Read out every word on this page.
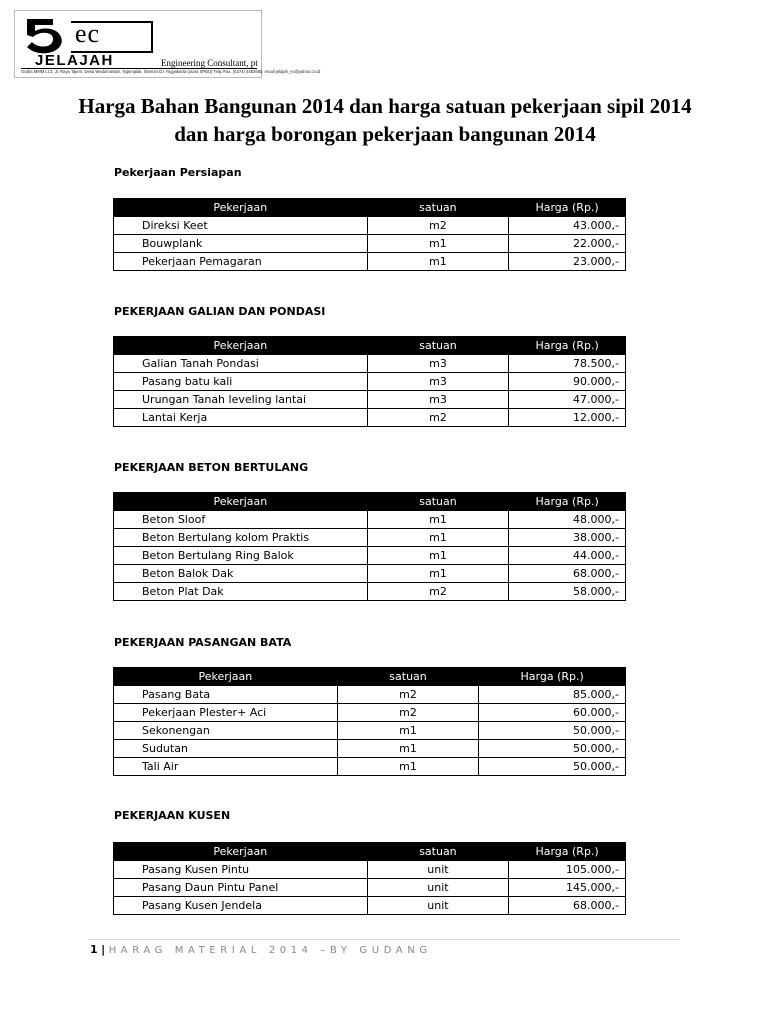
ec
JELAJAH	Engineering Consultant, pt
Graha MMM Lt.2, Jl. Raya Tajem, Desa Wedomartani, Ngemplak, Sleman D.I Yogyakarta (utara SPBU) Telp./Fax. (0274) 4462655, email jelajah_ec@yahoo.co.id
Harga Bahan Bangunan 2014 dan harga satuan pekerjaan sipil 2014 dan harga borongan pekerjaan bangunan 2014
Pekerjaan Persiapan
Pekerjaan	satuan	Harga (Rp.)
Direksi Keet	m2	43.000,-
Bouwplank	m1	22.000,-
Pekerjaan Pemagaran	m1	23.000,-
PEKERJAAN GALIAN DAN PONDASI
Pekerjaan	satuan	Harga (Rp.)
Galian Tanah Pondasi	m3	78.500,-
Pasang batu kali	m3	90.000,-
Urungan Tanah leveling lantai	m3	47.000,-
Lantai Kerja	m2	12.000,-
PEKERJAAN BETON BERTULANG
Pekerjaan	satuan	Harga (Rp.)
Beton Sloof	m1	48.000,-
Beton Bertulang kolom Praktis	m1	38.000,-
Beton Bertulang Ring Balok	m1	44.000,-
Beton Balok Dak	m1	68.000,-
Beton Plat Dak	m2	58.000,-
PEKERJAAN PASANGAN BATA
Pekerjaan	satuan	Harga (Rp.)
Pasang Bata	m2	85.000,-
Pekerjaan Plester+ Aci	m2	60.000,-
Sekonengan	m1	50.000,-
Sudutan	m1	50.000,-
Tali Air	m1	50.000,-
PEKERJAAN KUSEN
Pekerjaan	satuan	Harga (Rp.)
Pasang Kusen Pintu	unit	105.000,-
Pasang Daun Pintu Panel	unit	145.000,-
Pasang Kusen Jendela	unit	68.000,-
1 | HARAG MATERIAL 2014 –BY GUDANG
